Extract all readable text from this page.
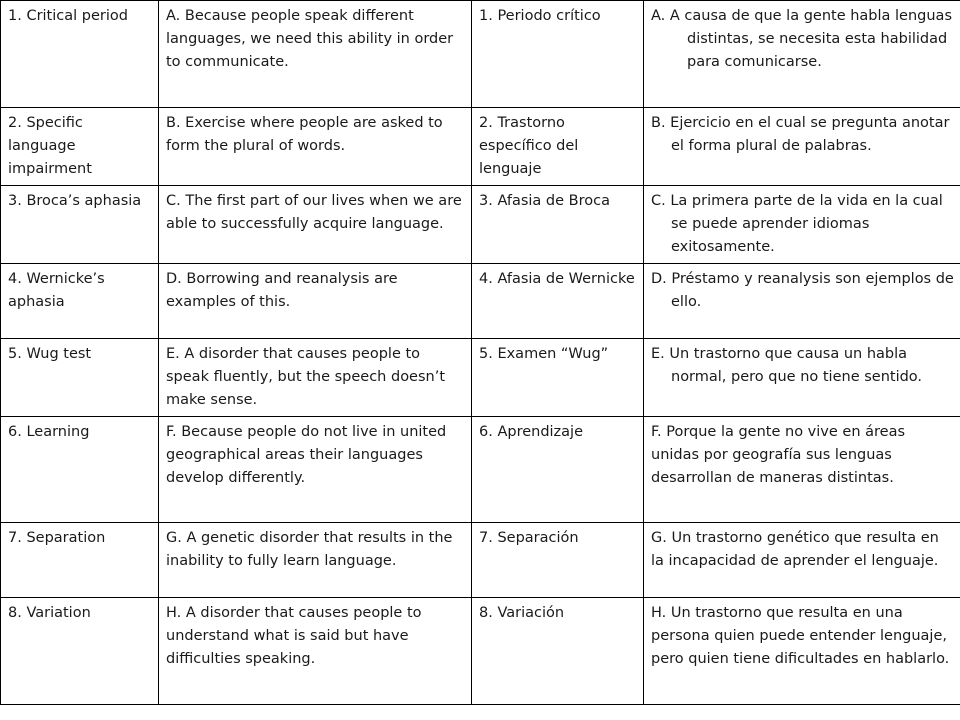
1. Critical period	A. Because people speak different languages, we need this ability in order to communicate.	1. Periodo crítico	A. A causa de que la gente habla lenguas distintas, se necesita esta habilidad para comunicarse.

2. Specific language impairment	B. Exercise where people are asked to form the plural of words.	2. Trastorno específico del lenguaje	B. Ejercicio en el cual se pregunta anotar el forma plural de palabras.

3. Broca’s aphasia	C. The first part of our lives when we are able to successfully acquire language.	3. Afasia de Broca	C. La primera parte de la vida en la cual se puede aprender idiomas exitosamente.

4. Wernicke’s aphasia	D. Borrowing and reanalysis are examples of this.	4. Afasia de Wernicke	D. Préstamo y reanalysis son ejemplos de ello.

5. Wug test	E. A disorder that causes people to speak fluently, but the speech doesn’t make sense.	5. Examen “Wug”	E. Un trastorno que causa un habla normal, pero que no tiene sentido.

6. Learning	F. Because people do not live in united geographical areas their languages develop differently.	6. Aprendizaje	F. Porque la gente no vive en áreas unidas por geografía sus lenguas desarrollan de maneras distintas.
7. Separation	G. A genetic disorder that results in the inability to fully learn language.	7. Separación	G. Un trastorno genético que resulta en la incapacidad de aprender el lenguaje.
8. Variation	H. A disorder that causes people to understand what is said but have difficulties speaking.	8. Variación	H. Un trastorno que resulta en una persona quien puede entender lenguaje, pero quien tiene dificultades en hablarlo.
